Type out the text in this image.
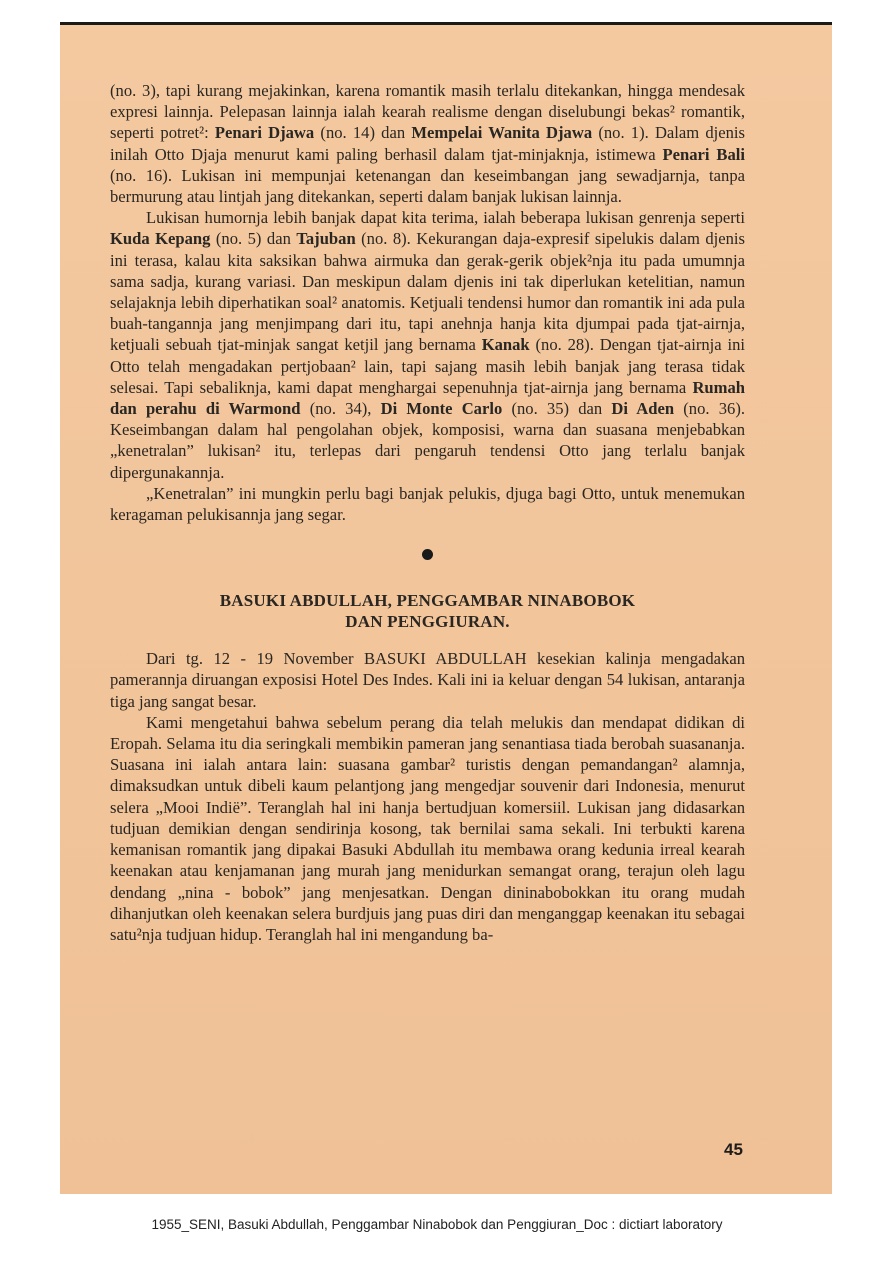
(no. 3), tapi kurang mejakinkan, karena romantik masih terlalu ditekankan, hingga mendesak expresi lainnja. Pelepasan lainnja ialah kearah realisme dengan diselubungi bekas² romantik, seperti potret²: Penari Djawa (no. 14) dan Mempelai Wanita Djawa (no. 1). Dalam djenis inilah Otto Djaja menurut kami paling berhasil dalam tjat-minjaknja, istimewa Penari Bali (no. 16). Lukisan ini mempunjai ketenangan dan keseimbangan jang sewadjarnja, tanpa bermurung atau lintjah jang ditekankan, seperti dalam banjak lukisan lainnja.

Lukisan humornja lebih banjak dapat kita terima, ialah beberapa lukisan genrenja seperti Kuda Kepang (no. 5) dan Tajuban (no. 8). Kekurangan daja-expresif sipelukis dalam djenis ini terasa, kalau kita saksikan bahwa airmuka dan gerak-gerik objek²nja itu pada umumnja sama sadja, kurang variasi. Dan meskipun dalam djenis ini tak diperlukan ketelitian, namun selajaknja lebih diperhatikan soal² anatomis. Ketjuali tendensi humor dan romantik ini ada pula buah-tangannja jang menjimpang dari itu, tapi anehnja hanja kita djumpai pada tjat-airnja, ketjuali sebuah tjat-minjak sangat ketjil jang bernama Kanak (no. 28). Dengan tjat-airnja ini Otto telah mengadakan pertjobaan² lain, tapi sajang masih lebih banjak jang terasa tidak selesai. Tapi sebaliknja, kami dapat menghargai sepenuhnja tjat-airnja jang bernama Rumah dan perahu di Warmond (no. 34), Di Monte Carlo (no. 35) dan Di Aden (no. 36). Keseimbangan dalam hal pengolahan objek, komposisi, warna dan suasana menjebabkan „kenetralan” lukisan² itu, terlepas dari pengaruh tendensi Otto jang terlalu banjak dipergunakannja.

„Kenetralan” ini mungkin perlu bagi banjak pelukis, djuga bagi Otto, untuk menemukan keragaman pelukisannja jang segar.

BASUKI ABDULLAH, PENGGAMBAR NINABOBOK
DAN PENGGIURAN.

Dari tg. 12 - 19 November BASUKI ABDULLAH kesekian kalinja mengadakan pamerannja diruangan exposisi Hotel Des Indes. Kali ini ia keluar dengan 54 lukisan, antaranja tiga jang sangat besar.

Kami mengetahui bahwa sebelum perang dia telah melukis dan mendapat didikan di Eropah. Selama itu dia seringkali membikin pameran jang senantiasa tiada berobah suasananja. Suasana ini ialah antara lain: suasana gambar² turistis dengan pemandangan² alamnja, dimaksudkan untuk dibeli kaum pelantjong jang mengedjar souvenir dari Indonesia, menurut selera „Mooi Indië”. Teranglah hal ini hanja bertudjuan komersiil. Lukisan jang didasarkan tudjuan demikian dengan sendirinja kosong, tak bernilai sama sekali. Ini terbukti karena kemanisan romantik jang dipakai Basuki Abdullah itu membawa orang kedunia irreal kearah keenakan atau kenjamanan jang murah jang menidurkan semangat orang, terajun oleh lagu dendang „nina - bobok” jang menjesatkan. Dengan dininabobokkan itu orang mudah dihanjutkan oleh keenakan selera burdjuis jang puas diri dan menganggap keenakan itu sebagai satu²nja tudjuan hidup. Teranglah hal ini mengandung ba-

45
1955_SENI, Basuki Abdullah, Penggambar Ninabobok dan Penggiuran_Doc : dictiart laboratory
